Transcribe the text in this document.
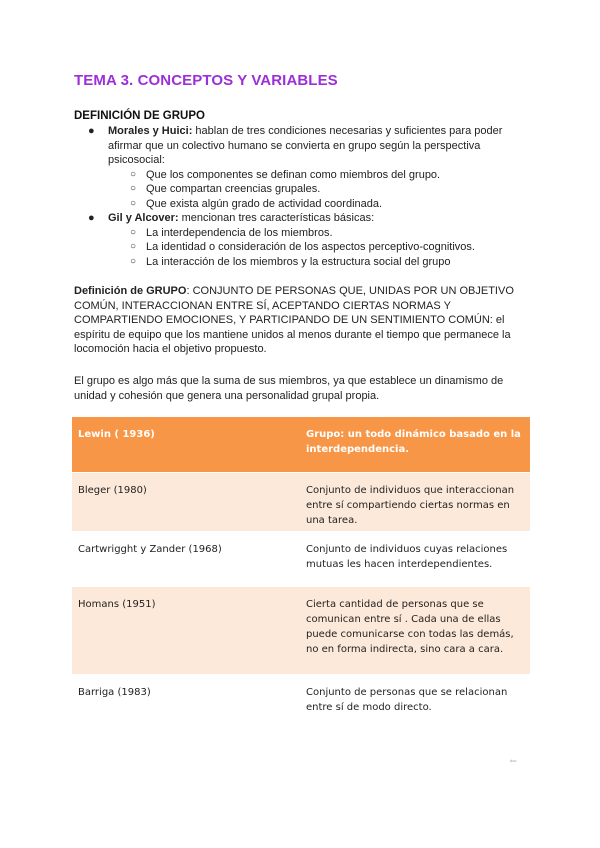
TEMA 3. CONCEPTOS Y VARIABLES
DEFINICIÓN DE GRUPO
● Morales y Huici: hablan de tres condiciones necesarias y suficientes para poder afirmar que un colectivo humano se convierta en grupo según la perspectiva psicosocial:
○ Que los componentes se definan como miembros del grupo.
○ Que compartan creencias grupales.
○ Que exista algún grado de actividad coordinada.
● Gil y Alcover: mencionan tres características básicas:
○ La interdependencia de los miembros.
○ La identidad o consideración de los aspectos perceptivo-cognitivos.
○ La interacción de los miembros y la estructura social del grupo
Definición de GRUPO: CONJUNTO DE PERSONAS QUE, UNIDAS POR UN OBJETIVO COMÚN, INTERACCIONAN ENTRE SÍ, ACEPTANDO CIERTAS NORMAS Y COMPARTIENDO EMOCIONES, Y PARTICIPANDO DE UN SENTIMIENTO COMÚN: el espíritu de equipo que los mantiene unidos al menos durante el tiempo que permanece la locomoción hacia el objetivo propuesto.
El grupo es algo más que la suma de sus miembros, ya que establece un dinamismo de unidad y cohesión que genera una personalidad grupal propia.
Lewin ( 1936)	Grupo: un todo dinámico basado en la interdependencia.
Bleger (1980)	Conjunto de individuos que interaccionan entre sí compartiendo ciertas normas en una tarea.
Cartwrigght y Zander (1968)	Conjunto de individuos cuyas relaciones mutuas les hacen interdependientes.
Homans (1951)	Cierta cantidad de personas que se comunican entre sí . Cada una de ellas puede comunicarse con todas las demás, no en forma indirecta, sino cara a cara.
Barriga (1983)	Conjunto de personas que se relacionan entre sí de modo directo.
doc
